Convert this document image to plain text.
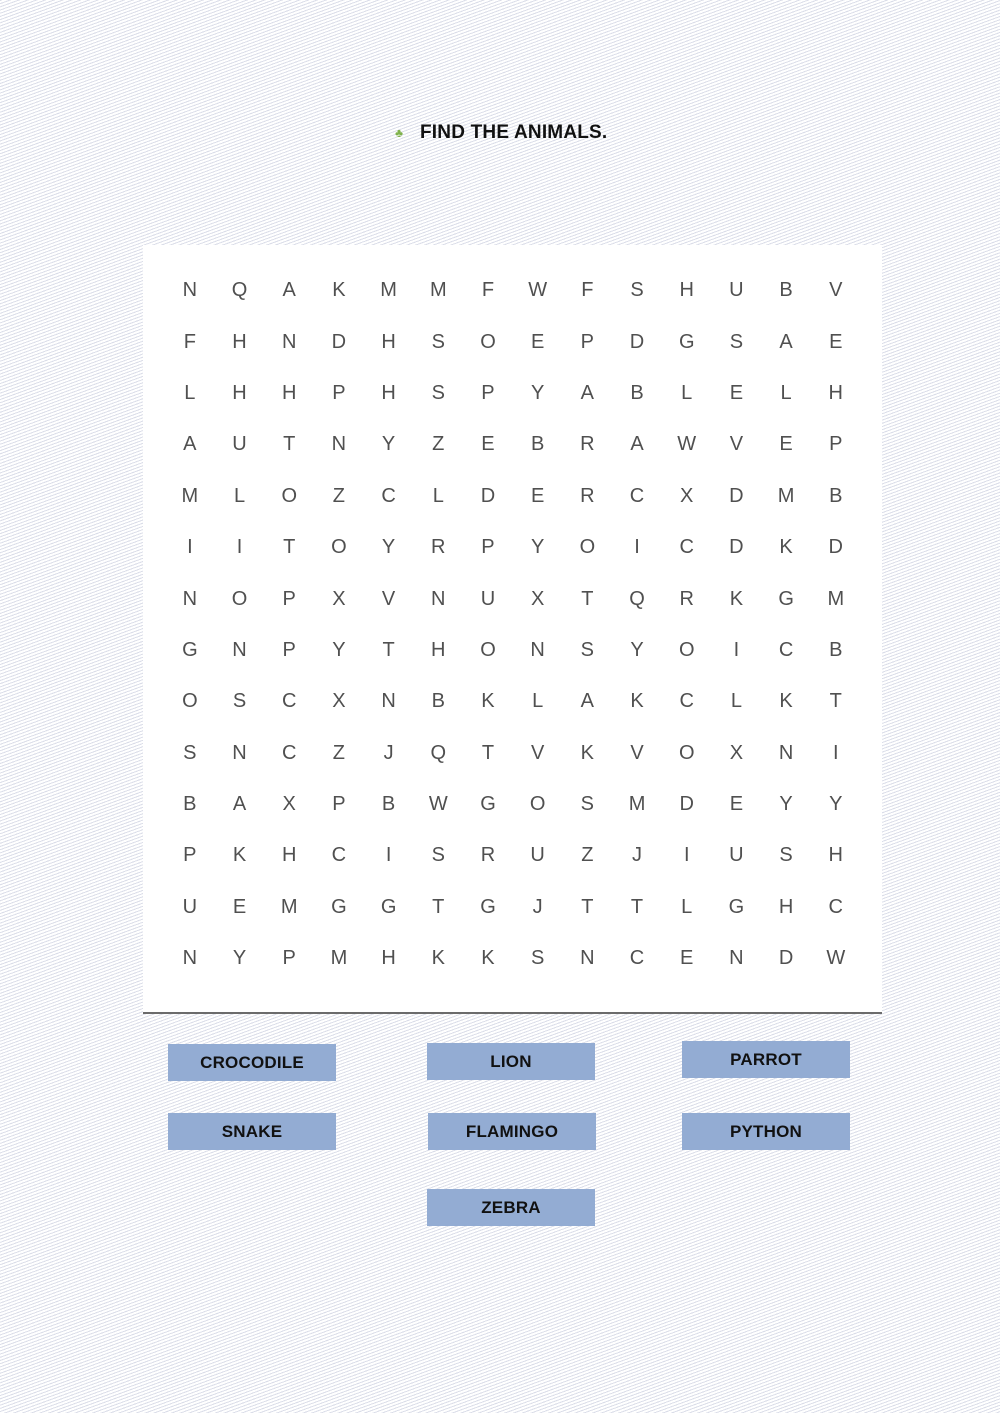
♣ FIND THE ANIMALS.
N	Q	A	K	M	M	F	W	F	S	H	U	B	V
F	H	N	D	H	S	O	E	P	D	G	S	A	E
L	H	H	P	H	S	P	Y	A	B	L	E	L	H
A	U	T	N	Y	Z	E	B	R	A	W	V	E	P
M	L	O	Z	C	L	D	E	R	C	X	D	M	B
I	I	T	O	Y	R	P	Y	O	I	C	D	K	D
N	O	P	X	V	N	U	X	T	Q	R	K	G	M
G	N	P	Y	T	H	O	N	S	Y	O	I	C	B
O	S	C	X	N	B	K	L	A	K	C	L	K	T
S	N	C	Z	J	Q	T	V	K	V	O	X	N	I
B	A	X	P	B	W	G	O	S	M	D	E	Y	Y
P	K	H	C	I	S	R	U	Z	J	I	U	S	H
U	E	M	G	G	T	G	J	T	T	L	G	H	C
N	Y	P	M	H	K	K	S	N	C	E	N	D	W
CROCODILE	LION	PARROT
SNAKE	FLAMINGO	PYTHON
ZEBRA
